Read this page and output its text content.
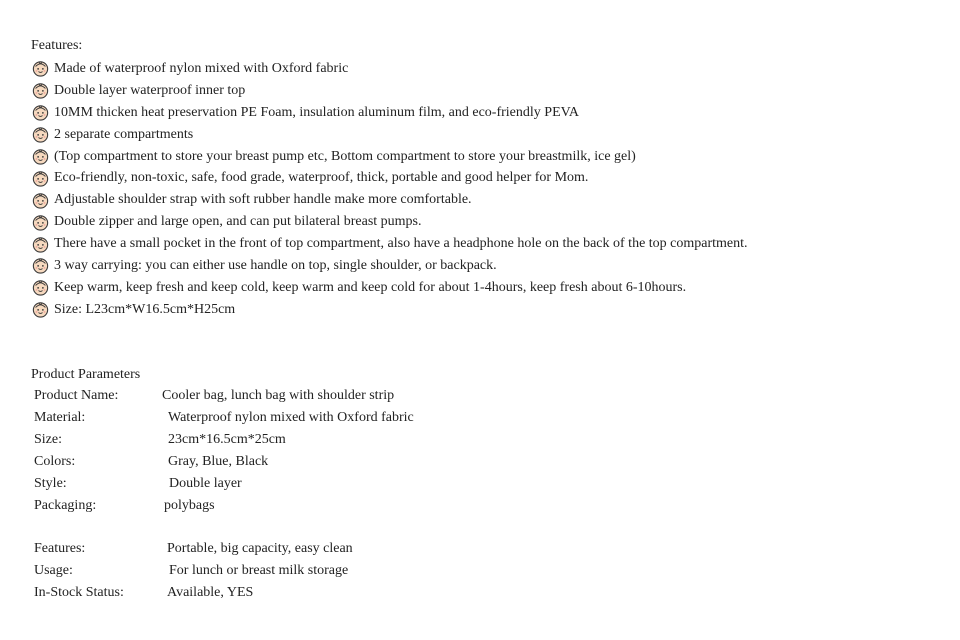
Features:
Made of waterproof nylon mixed with Oxford fabric
Double layer waterproof inner top
10MM thicken heat preservation PE Foam, insulation aluminum film, and eco-friendly PEVA
2 separate compartments
(Top compartment to store your breast pump etc, Bottom compartment to store your breastmilk, ice gel)
Eco-friendly, non-toxic, safe, food grade, waterproof, thick, portable and good helper for Mom.
Adjustable shoulder strap with soft rubber handle make more comfortable.
Double zipper and large open, and can put bilateral breast pumps.
There have a small pocket in the front of top compartment, also have a headphone hole on the back of the top compartment.
3 way carrying: you can either use handle on top, single shoulder, or backpack.
Keep warm, keep fresh and keep cold, keep warm and keep cold for about 1-4hours, keep fresh about 6-10hours.
Size: L23cm*W16.5cm*H25cm
Product Parameters
Product Name:	Cooler bag, lunch bag with shoulder strip
Material:	Waterproof nylon mixed with Oxford fabric
Size:	23cm*16.5cm*25cm
Colors:	Gray, Blue, Black
Style:	Double layer
Packaging:	polybags
Features:	Portable, big capacity, easy clean
Usage:	For lunch or breast milk storage
In-Stock Status:	Available, YES
